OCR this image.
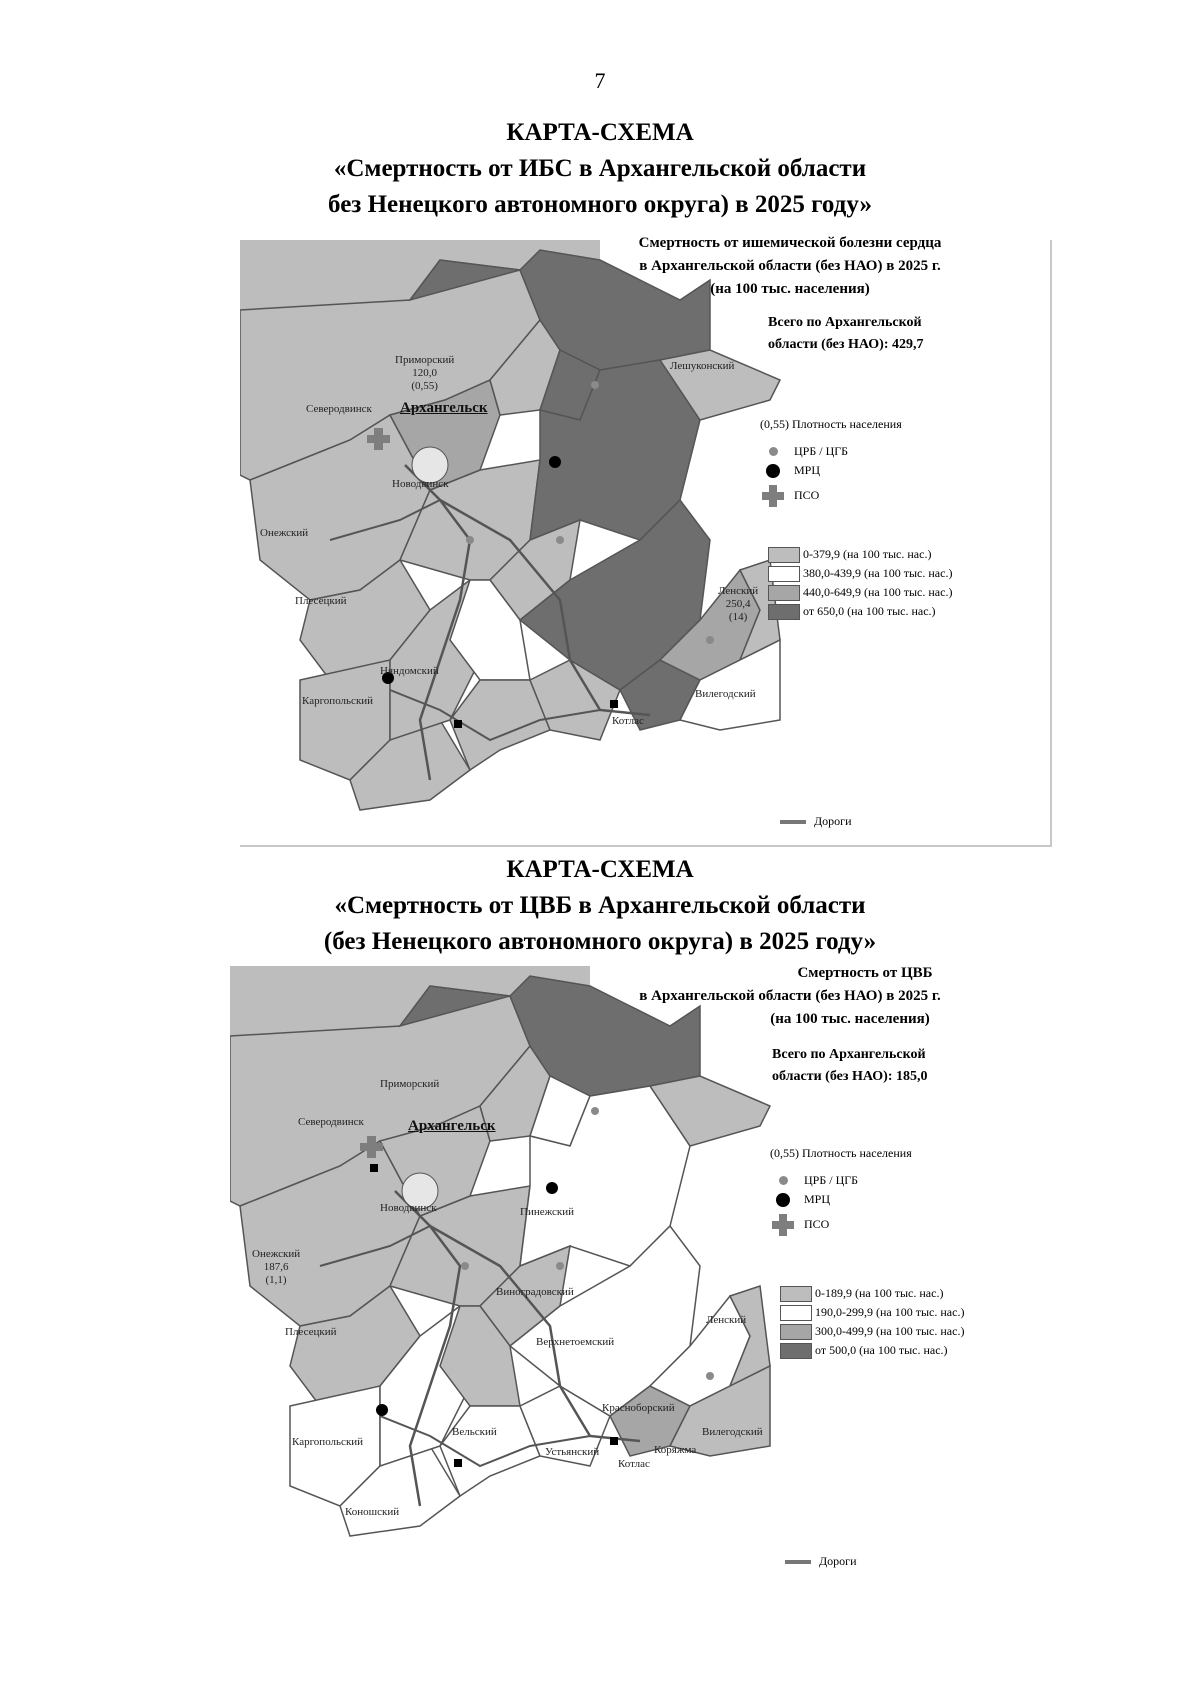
7
КАРТА-СХЕМА
«Смертность от ИБС в Архангельской области
без Ненецкого автономного округа) в 2025 году»
Смертность от ишемической болезни сердца
в Архангельской области (без НАО) в 2025 г.
(на 100 тыс. населения)
Всего по Архангельской
области (без НАО): 429,7
(0,55) Плотность населения
ЦРБ / ЦГБ
МРЦ
ПСО

0-379,9 (на 100 тыс. нас.)

380,0-439,9 (на 100 тыс. нас.)

440,0-649,9 (на 100 тыс. нас.)

от 650,0 (на 100 тыс. нас.)
Дороги
Архангельск
Приморский
120,0
(0,55)
Северодвинск
Новодвинск
Онежский
Плесецкий
Няндомский
Каргопольский
Лешуконский
Ленский
250,4
(14)
Вилегодский
Котлас
КАРТА-СХЕМА
«Смертность от ЦВБ в Архангельской области
(без Ненецкого автономного округа) в 2025 году»
Смертность от ЦВБ
в Архангельской области (без НАО) в 2025 г.
(на 100 тыс. населения)
Всего по Архангельской
области (без НАО): 185,0
(0,55) Плотность населения
ЦРБ / ЦГБ
МРЦ
ПСО

0-189,9 (на 100 тыс. нас.)

190,0-299,9 (на 100 тыс. нас.)

300,0-499,9 (на 100 тыс. нас.)

от 500,0 (на 100 тыс. нас.)
Дороги
Архангельск
Приморский
Северодвинск
Новодвинск
Онежский
187,6
(1,1)
Плесецкий
Пинежский
Виноградовский
Верхнетоемский
Каргопольский
Коношский
Вельский
Устьянский
Красноборский
Ленский
Вилегодский
Коряжма
Котлас
